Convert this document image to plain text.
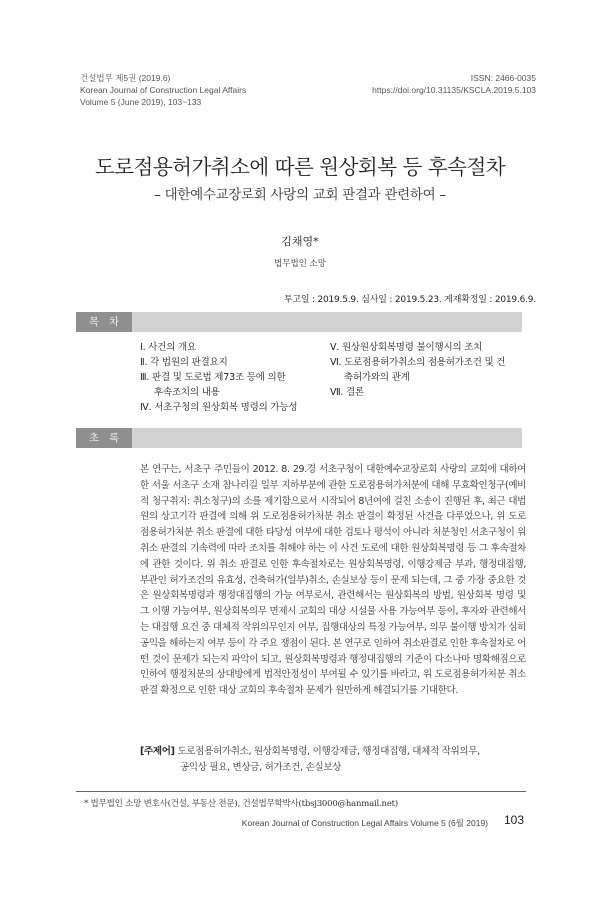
건설법무 제5권 (2019.6)
Korean Journal of Construction Legal Affairs
Volume 5 (June 2019), 103~133
ISSN: 2466-0035
https://doi.org/10.31135/KSCLA.2019.5.103
도로점용허가취소에 따른 원상회복 등 후속절차
– 대한예수교장로회 사랑의 교회 판결과 관련하여 –
김채영*
법무법인 소망
투고일 : 2019.5.9. 심사일 : 2019.5.23. 게재확정일 : 2019.6.9.
목차
Ⅰ. 사건의 개요
Ⅱ. 각 법원의 판결요지
Ⅲ. 판결 및 도로법 제73조 등에 의한
후속조치의 내용
Ⅳ. 서초구청의 원상회복 명령의 가능성
Ⅴ. 원상원상회복명령 불이행시의 조치
Ⅵ. 도로점용허가취소의 점용허가조건 및 건
축허가와의 관계
Ⅶ. 결론
초록
본 연구는, 서초구 주민들이 2012. 8. 29.경 서초구청이 대한예수교장로회 사랑의 교회에 대하여 한 서울 서초구 소재 참나리길 일부 지하부분에 관한 도로점용허가처분에 대해 무효확인청구(예비적 청구취지: 취소청구)의 소를 제기함으로서 시작되어 8년여에 걸친 소송이 진행된 후, 최근 대법원의 상고기각 판결에 의해 위 도로점용허가처분 취소 판결이 확정된 사건을 다루었으나, 위 도로점용허가처분 취소 판결에 대한 타당성 여부에 대한 검토나 평석이 아니라 처분청인 서초구청이 위 취소 판결의 기속력에 따라 조치를 취해야 하는 이 사건 도로에 대한 원상회복명령 등 그 후속절차에 관한 것이다. 위 취소 판결로 인한 후속절차로는 원상회복명령, 이행강제금 부과, 행정대집행, 부관인 허가조건의 유효성, 건축허가(일부)취소, 손실보상 등이 문제 되는데, 그 중 가장 중요한 것은 원상회복명령과 행정대집행의 가능 여부로서, 관련해서는 원상회복의 방법, 원상회복 명령 및 그 이행 가능여부, 원상회복의무 면제시 교회의 대상 시설물 사용 가능여부 등이, 후자와 관련해서는 대집행 요건 중 대체적 작위의무인지 여부, 집행대상의 특정 가능여부, 의무 불이행 방치가 심히 공익을 해하는지 여부 등이 각 주요 쟁점이 된다. 본 연구로 인하여 취소판결로 인한 후속절차로 어떤 것이 문제가 되는지 파악이 되고, 원상회복명령과 행정대집행의 기준이 다소나마 명확해짐으로 인하여 행정처분의 상대방에게 법적안정성이 부여될 수 있기를 바라고, 위 도로점용허가처분 취소판결 확정으로 인한 대상 교회의 후속절차 문제가 원만하게 해결되기를 기대한다.
[주제어] 도로점용허가취소, 원상회복명령, 이행강제금, 행정대집행, 대체적 작위의무,
공익상 필요, 변상금, 허가조건, 손실보상
* 법무법인 소망 변호사(건설, 부동산 전문), 건설법무학박사(tbsj3000@hanmail.net)
Korean Journal of Construction Legal Affairs Volume 5 (6월 2019) 103
